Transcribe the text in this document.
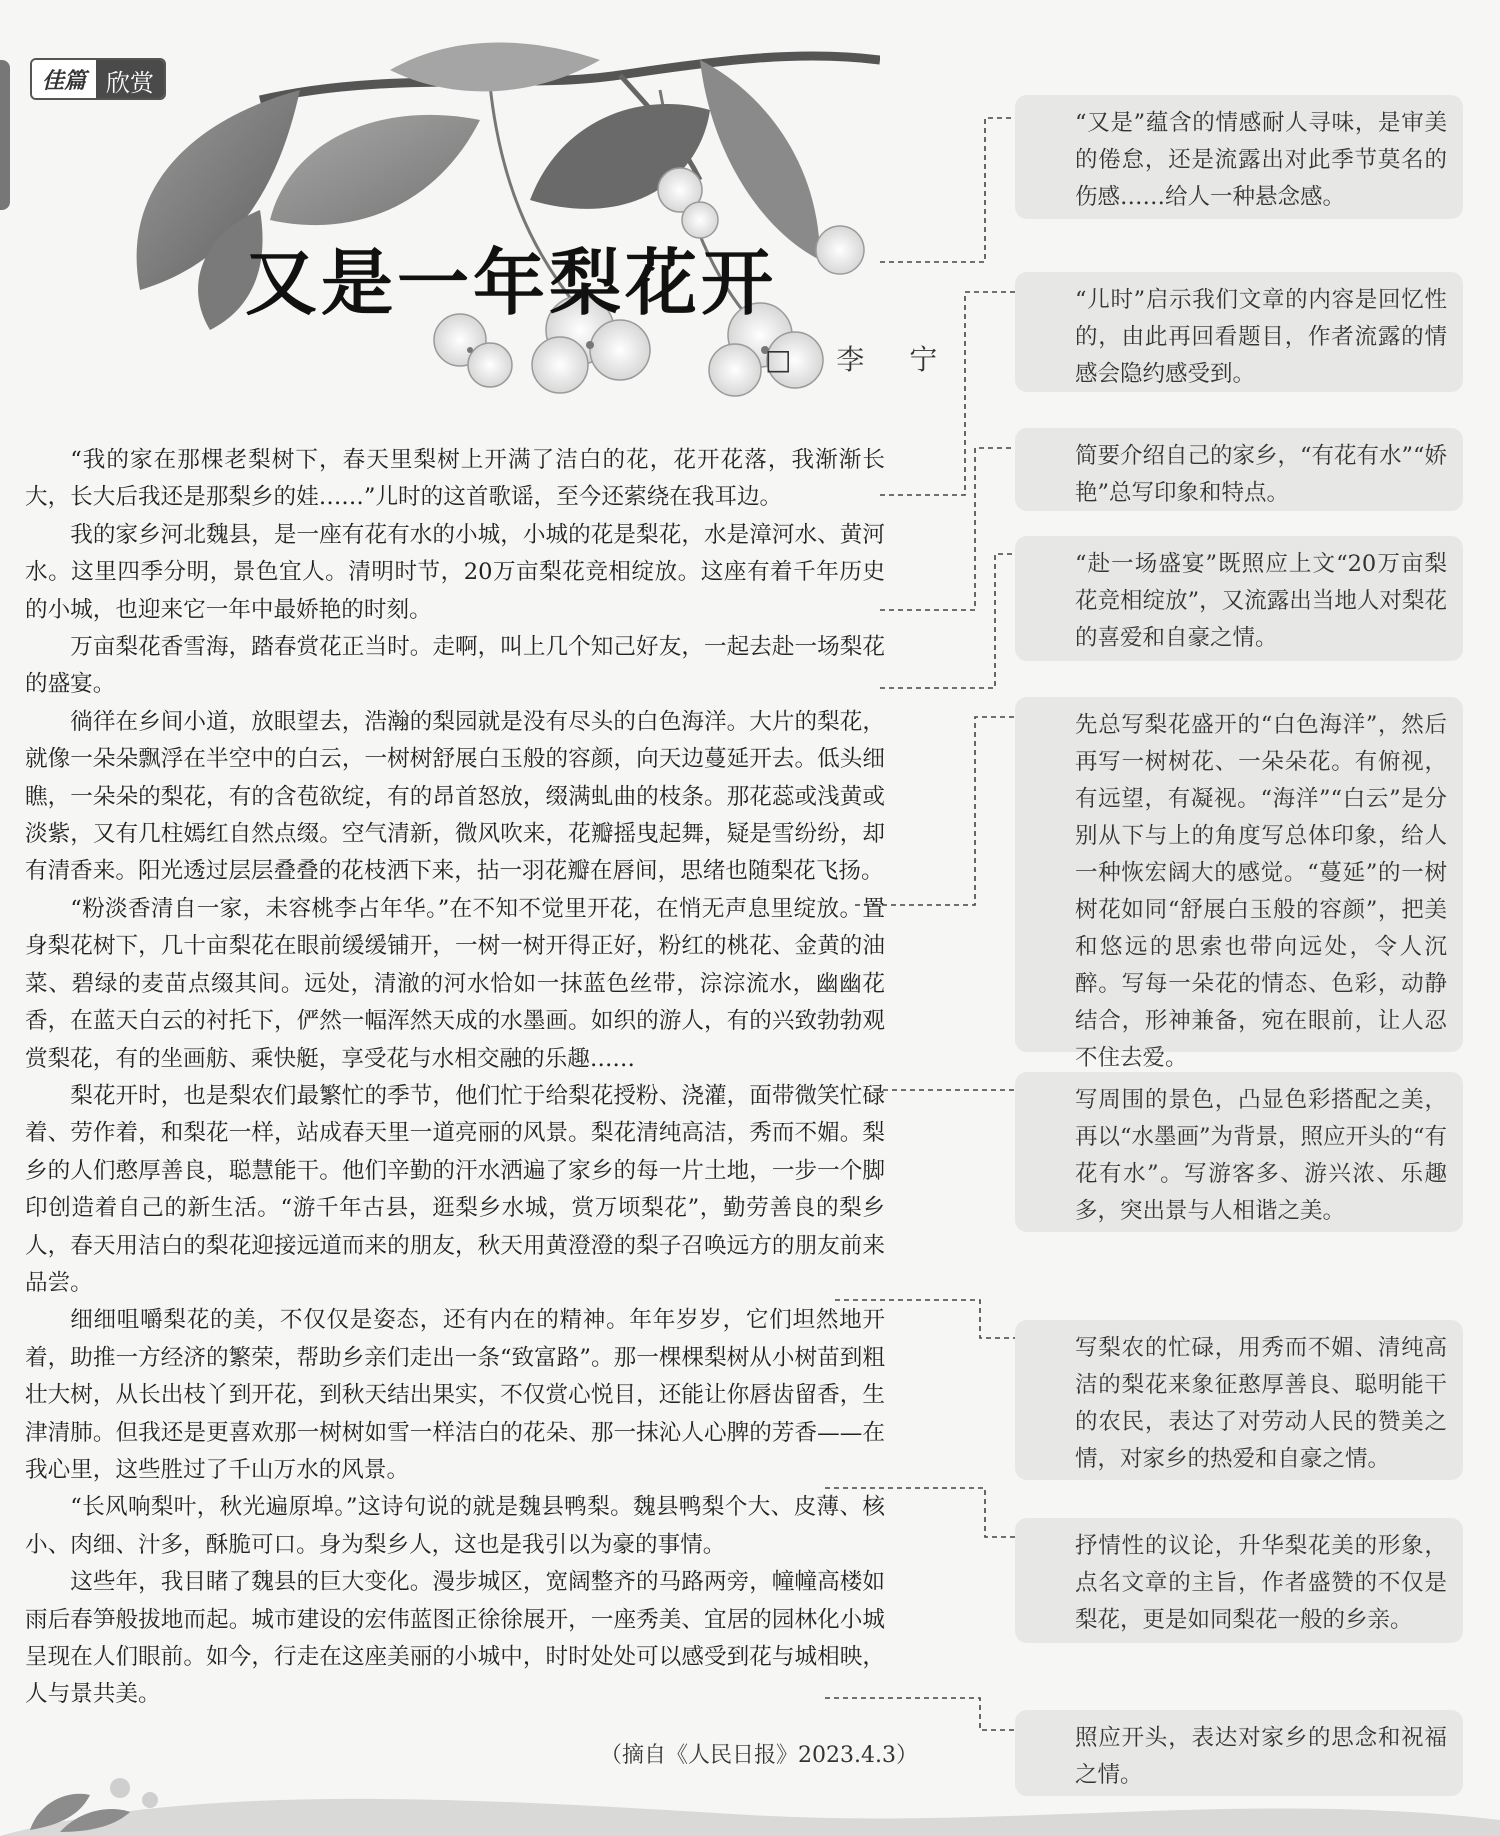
佳篇 欣赏
又是一年梨花开
□ 李 宁

“我的家在那棵老梨树下，春天里梨树上开满了洁白的花，花开花落，我渐渐长大，长大后我还是那梨乡的娃……”儿时的这首歌谣，至今还萦绕在我耳边。

我的家乡河北魏县，是一座有花有水的小城，小城的花是梨花，水是漳河水、黄河水。这里四季分明，景色宜人。清明时节，20万亩梨花竞相绽放。这座有着千年历史的小城，也迎来它一年中最娇艳的时刻。

万亩梨花香雪海，踏春赏花正当时。走啊，叫上几个知己好友，一起去赴一场梨花的盛宴。

徜徉在乡间小道，放眼望去，浩瀚的梨园就是没有尽头的白色海洋。大片的梨花，就像一朵朵飘浮在半空中的白云，一树树舒展白玉般的容颜，向天边蔓延开去。低头细瞧，一朵朵的梨花，有的含苞欲绽，有的昂首怒放，缀满虬曲的枝条。那花蕊或浅黄或淡紫，又有几柱嫣红自然点缀。空气清新，微风吹来，花瓣摇曳起舞，疑是雪纷纷，却有清香来。阳光透过层层叠叠的花枝洒下来，拈一羽花瓣在唇间，思绪也随梨花飞扬。

“粉淡香清自一家，未容桃李占年华。”在不知不觉里开花，在悄无声息里绽放。置身梨花树下，几十亩梨花在眼前缓缓铺开，一树一树开得正好，粉红的桃花、金黄的油菜、碧绿的麦苗点缀其间。远处，清澈的河水恰如一抹蓝色丝带，淙淙流水，幽幽花香，在蓝天白云的衬托下，俨然一幅浑然天成的水墨画。如织的游人，有的兴致勃勃观赏梨花，有的坐画舫、乘快艇，享受花与水相交融的乐趣……

梨花开时，也是梨农们最繁忙的季节，他们忙于给梨花授粉、浇灌，面带微笑忙碌着、劳作着，和梨花一样，站成春天里一道亮丽的风景。梨花清纯高洁，秀而不媚。梨乡的人们憨厚善良，聪慧能干。他们辛勤的汗水洒遍了家乡的每一片土地，一步一个脚印创造着自己的新生活。“游千年古县，逛梨乡水城，赏万顷梨花”，勤劳善良的梨乡人，春天用洁白的梨花迎接远道而来的朋友，秋天用黄澄澄的梨子召唤远方的朋友前来品尝。

细细咀嚼梨花的美，不仅仅是姿态，还有内在的精神。年年岁岁，它们坦然地开着，助推一方经济的繁荣，帮助乡亲们走出一条“致富路”。那一棵棵梨树从小树苗到粗壮大树，从长出枝丫到开花，到秋天结出果实，不仅赏心悦目，还能让你唇齿留香，生津清肺。但我还是更喜欢那一树树如雪一样洁白的花朵、那一抹沁人心脾的芳香——在我心里，这些胜过了千山万水的风景。

“长风响梨叶，秋光遍原埠。”这诗句说的就是魏县鸭梨。魏县鸭梨个大、皮薄、核小、肉细、汁多，酥脆可口。身为梨乡人，这也是我引以为豪的事情。

这些年，我目睹了魏县的巨大变化。漫步城区，宽阔整齐的马路两旁，幢幢高楼如雨后春笋般拔地而起。城市建设的宏伟蓝图正徐徐展开，一座秀美、宜居的园林化小城呈现在人们眼前。如今，行走在这座美丽的小城中，时时处处可以感受到花与城相映，人与景共美。

（摘自《人民日报》2023.4.3）
“又是”蕴含的情感耐人寻味，是审美的倦怠，还是流露出对此季节莫名的伤感……给人一种悬念感。
“儿时”启示我们文章的内容是回忆性的，由此再回看题目，作者流露的情感会隐约感受到。
简要介绍自己的家乡，“有花有水”“娇艳”总写印象和特点。
“赴一场盛宴”既照应上文“20万亩梨花竞相绽放”，又流露出当地人对梨花的喜爱和自豪之情。
先总写梨花盛开的“白色海洋”，然后再写一树树花、一朵朵花。有俯视，有远望，有凝视。“海洋”“白云”是分别从下与上的角度写总体印象，给人一种恢宏阔大的感觉。“蔓延”的一树树花如同“舒展白玉般的容颜”，把美和悠远的思索也带向远处，令人沉醉。写每一朵花的情态、色彩，动静结合，形神兼备，宛在眼前，让人忍不住去爱。
写周围的景色，凸显色彩搭配之美，再以“水墨画”为背景，照应开头的“有花有水”。写游客多、游兴浓、乐趣多，突出景与人相谐之美。
写梨农的忙碌，用秀而不媚、清纯高洁的梨花来象征憨厚善良、聪明能干的农民，表达了对劳动人民的赞美之情，对家乡的热爱和自豪之情。
抒情性的议论，升华梨花美的形象，点名文章的主旨，作者盛赞的不仅是梨花，更是如同梨花一般的乡亲。
照应开头，表达对家乡的思念和祝福之情。
